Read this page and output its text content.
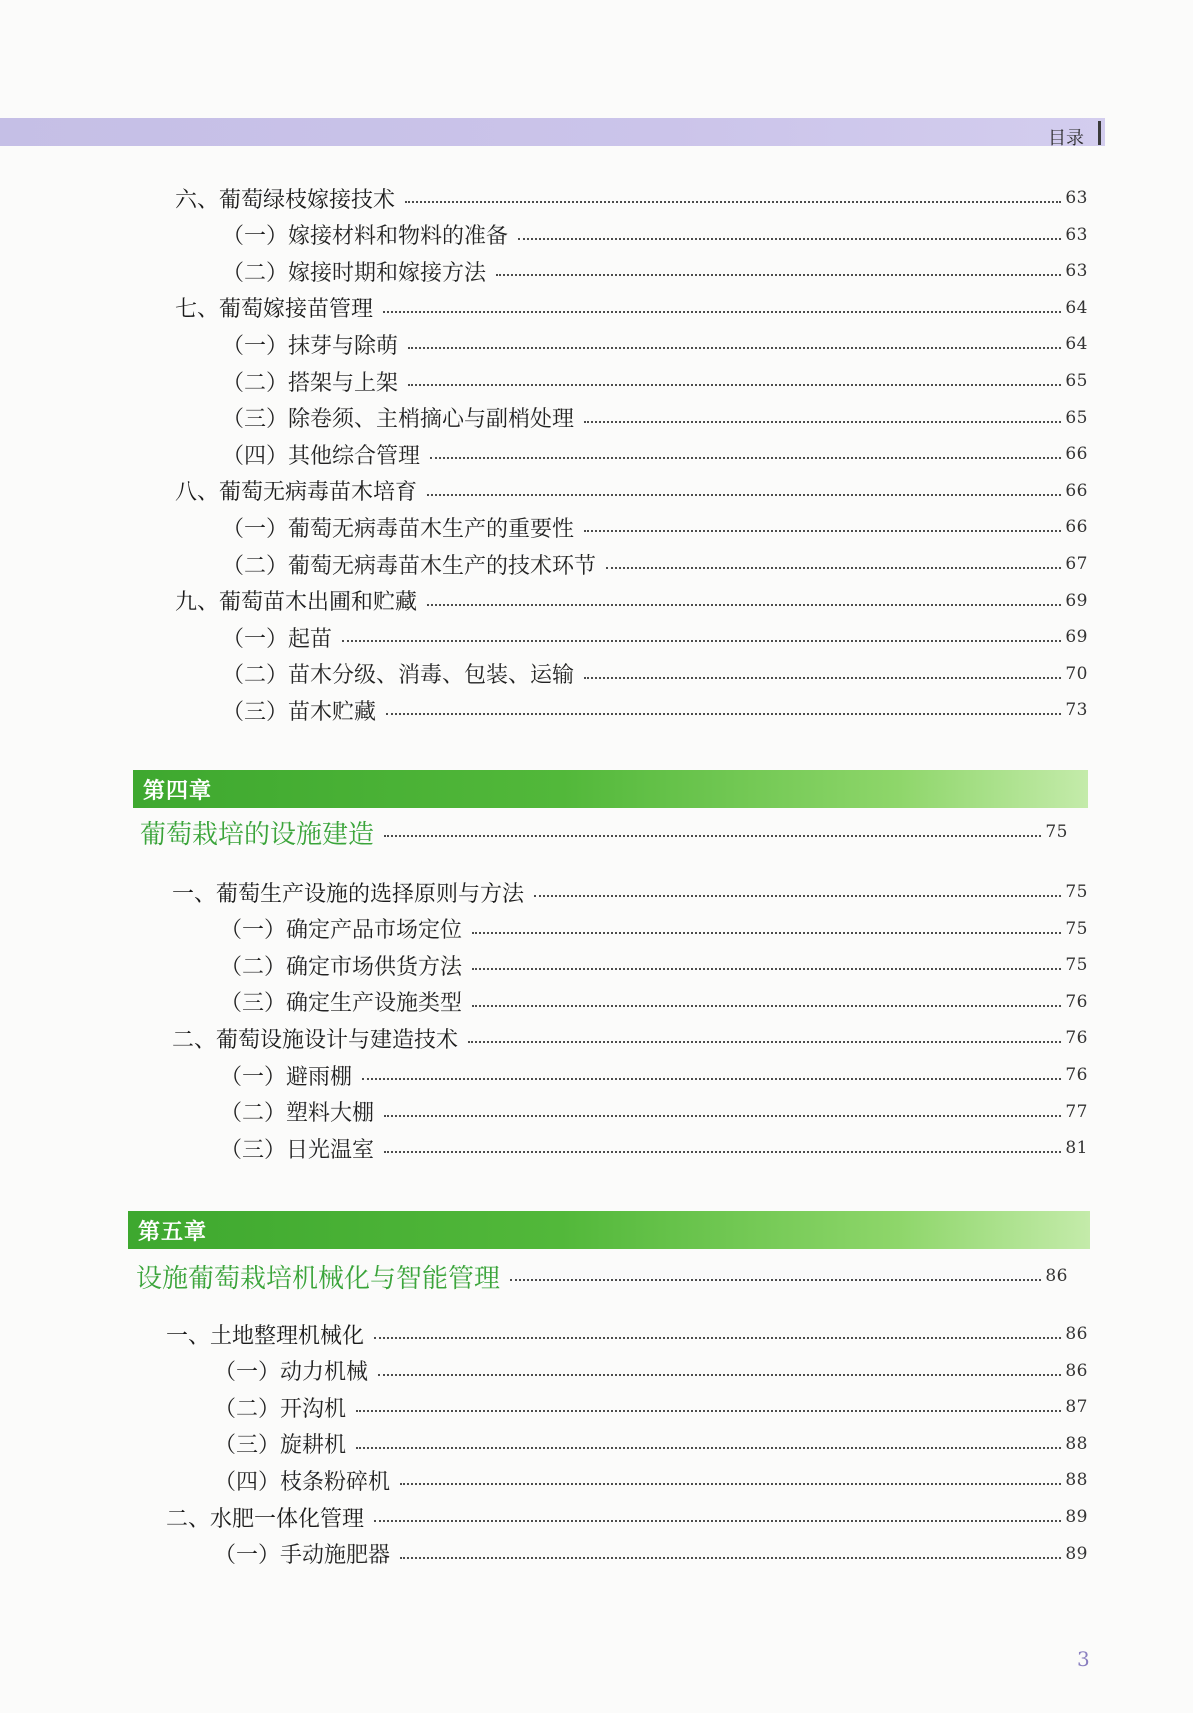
目录
六、葡萄绿枝嫁接技术	63
（一）嫁接材料和物料的准备	63
（二）嫁接时期和嫁接方法	63
七、葡萄嫁接苗管理	64
（一）抹芽与除萌	64
（二）搭架与上架	65
（三）除卷须、主梢摘心与副梢处理	65
（四）其他综合管理	66
八、葡萄无病毒苗木培育	66
（一）葡萄无病毒苗木生产的重要性	66
（二）葡萄无病毒苗木生产的技术环节	67
九、葡萄苗木出圃和贮藏	69
（一）起苗	69
（二）苗木分级、消毒、包装、运输	70
（三）苗木贮藏	73
第四章
葡萄栽培的设施建造	75
一、葡萄生产设施的选择原则与方法	75
（一）确定产品市场定位	75
（二）确定市场供货方法	75
（三）确定生产设施类型	76
二、葡萄设施设计与建造技术	76
（一）避雨棚	76
（二）塑料大棚	77
（三）日光温室	81
第五章
设施葡萄栽培机械化与智能管理	86
一、土地整理机械化	86
（一）动力机械	86
（二）开沟机	87
（三）旋耕机	88
（四）枝条粉碎机	88
二、水肥一体化管理	89
（一）手动施肥器	89
3
